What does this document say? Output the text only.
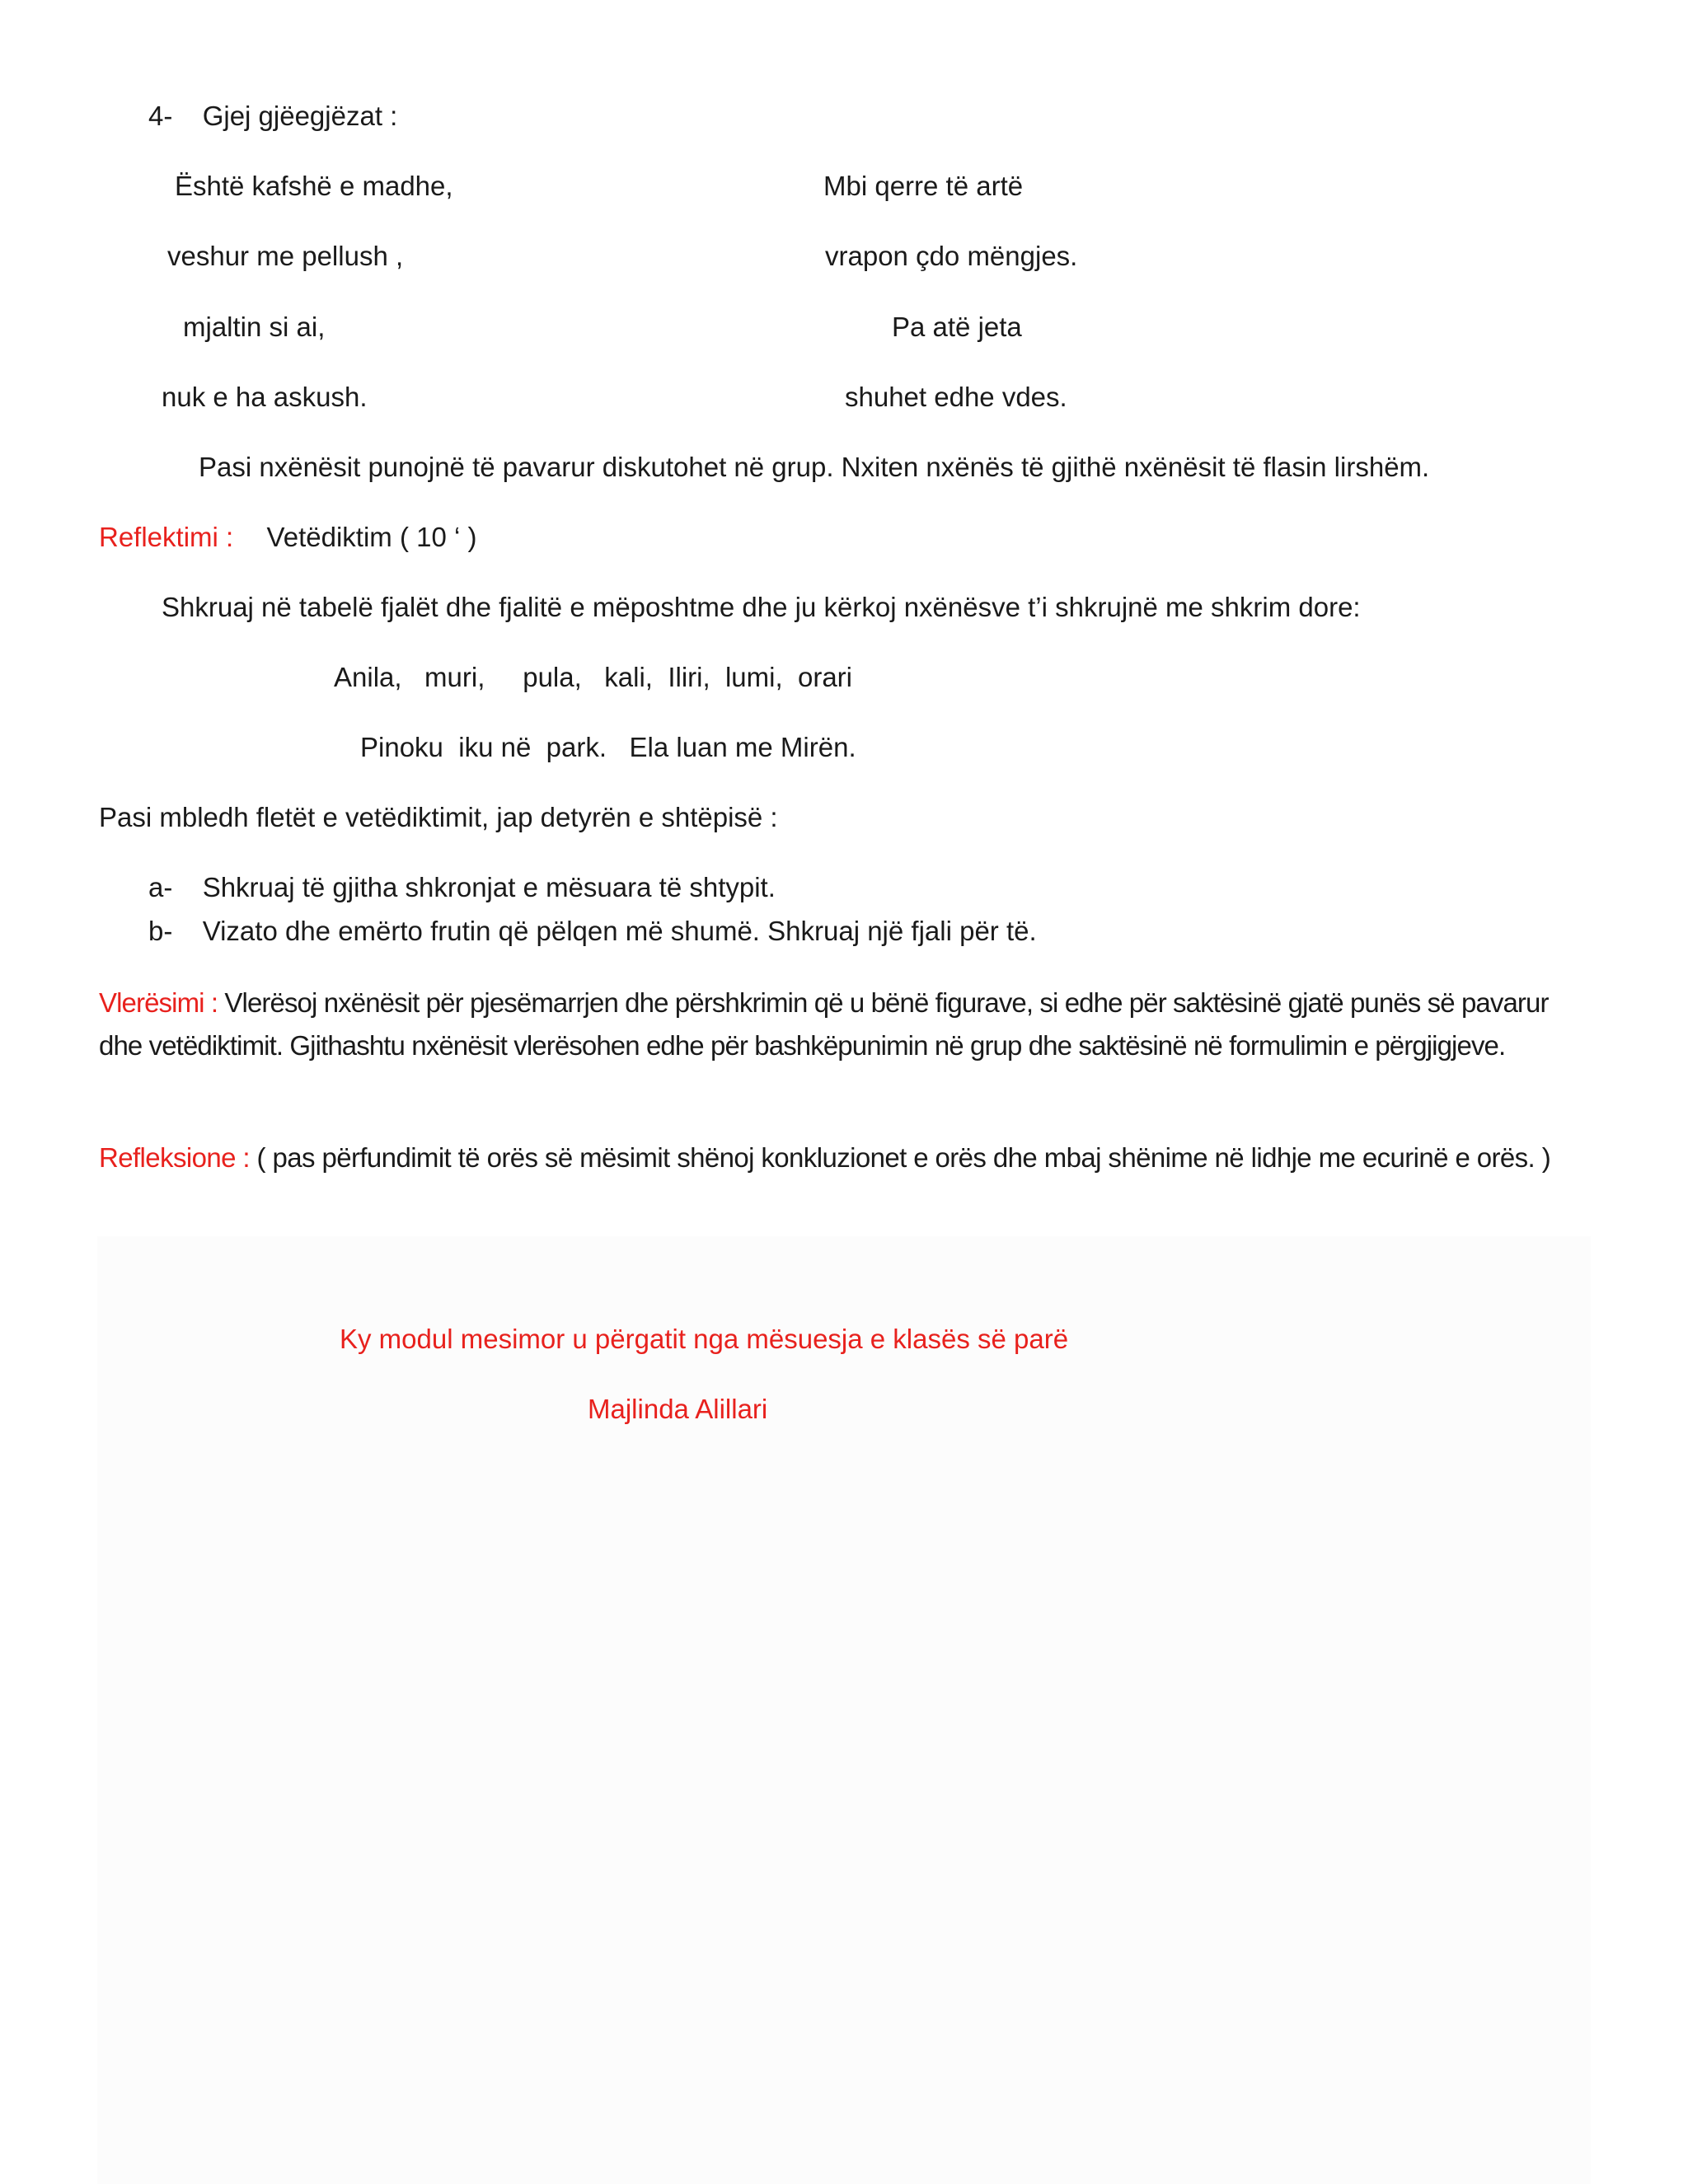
4- Gjej gjëegjëzat :
Është kafshë e madhe,
veshur me pellush ,
mjaltin si ai,
nuk e ha askush.
Mbi qerre të artë
vrapon çdo mëngjes.
Pa atë jeta
shuhet edhe vdes.
Pasi nxënësit punojnë të pavarur diskutohet në grup. Nxiten nxënës të gjithë nxënësit të flasin lirshëm.
Reflektimi : Vetëdiktim ( 10 ‘ )
Shkruaj në tabelë fjalët dhe fjalitë e mëposhtme dhe ju kërkoj nxënësve t’i shkrujnë me shkrim dore:
Anila,   muri,     pula,   kali,  Iliri,  lumi,  orari
Pinoku  iku në  park.   Ela luan me Mirën.
Pasi mbledh fletët e vetëdiktimit, jap detyrën e shtëpisë :
a- Shkruaj të gjitha shkronjat e mësuara të shtypit.
b- Vizato dhe emërto frutin që pëlqen më shumë. Shkruaj një fjali për të.
Vlerësimi : Vlerësoj nxënësit për pjesëmarrjen dhe përshkrimin që u bënë figurave, si edhe për saktësinë gjatë punës së pavarur dhe vetëdiktimit. Gjithashtu nxënësit vlerësohen edhe për bashkëpunimin në grup dhe saktësinë në formulimin e përgjigjeve.
Refleksione : ( pas përfundimit të orës së mësimit shënoj konkluzionet e orës dhe mbaj shënime në lidhje me ecurinë e orës. )
Ky modul mesimor u përgatit nga mësuesja e klasës së parë
Majlinda Alillari
